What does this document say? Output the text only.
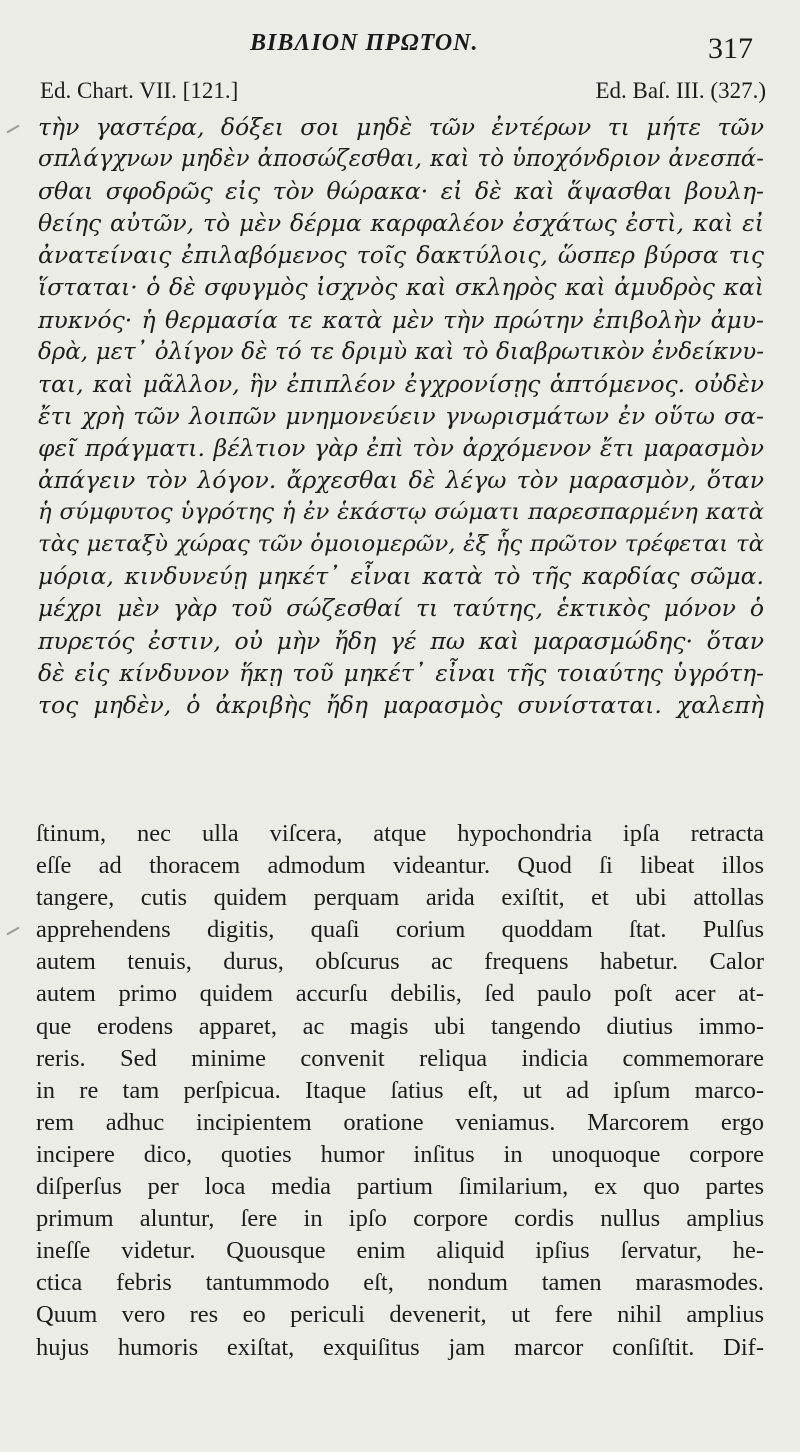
ΒΙΒΛΙΟΝ ΠΡΩΤΟΝ.	317
Ed. Chart. VII. [121.]	Ed. Baſ. III. (327.)
τὴν γαστέρα, δόξει σοι μηδὲ τῶν ἐντέρων τι μήτε τῶν
σπλάγχνων μηδὲν ἀποσώζεσθαι, καὶ τὸ ὑποχόνδριον ἀνεσπά-
σθαι σφοδρῶς εἰς τὸν θώρακα· εἰ δὲ καὶ ἅψασθαι βουλη-
θείης αὐτῶν, τὸ μὲν δέρμα καρφαλέον ἐσχάτως ἐστὶ, καὶ εἰ
ἀνατείναις ἐπιλαβόμενος τοῖς δακτύλοις, ὥσπερ βύρσα τις
ἵσταται· ὁ δὲ σφυγμὸς ἰσχνὸς καὶ σκληρὸς καὶ ἀμυδρὸς καὶ
πυκνός· ἡ θερμασία τε κατὰ μὲν τὴν πρώτην ἐπιβολὴν ἀμυ-
δρὰ, μετ᾽ ὀλίγον δὲ τό τε δριμὺ καὶ τὸ διαβρωτικὸν ἐνδείκνυ-
ται, καὶ μᾶλλον, ἣν ἐπιπλέον ἐγχρονίσῃς ἁπτόμενος. οὐδὲν
ἔτι χρὴ τῶν λοιπῶν μνημονεύειν γνωρισμάτων ἐν οὕτω σα-
φεῖ πράγματι. βέλτιον γὰρ ἐπὶ τὸν ἀρχόμενον ἔτι μαρασμὸν
ἀπάγειν τὸν λόγον. ἄρχεσθαι δὲ λέγω τὸν μαρασμὸν, ὅταν
ἡ σύμφυτος ὑγρότης ἡ ἐν ἑκάστῳ σώματι παρεσπαρμένη κατὰ
τὰς μεταξὺ χώρας τῶν ὁμοιομερῶν, ἐξ ἧς πρῶτον τρέφεται τὰ
μόρια, κινδυνεύῃ μηκέτ᾽ εἶναι κατὰ τὸ τῆς καρδίας σῶμα.
μέχρι μὲν γὰρ τοῦ σώζεσθαί τι ταύτης, ἑκτικὸς μόνον ὁ
πυρετός ἐστιν, οὐ μὴν ἤδη γέ πω καὶ μαρασμώδης· ὅταν
δὲ εἰς κίνδυνον ἥκῃ τοῦ μηκέτ᾽ εἶναι τῆς τοιαύτης ὑγρότη-
τος μηδὲν, ὁ ἀκριβὴς ἤδη μαρασμὸς συνίσταται. χαλεπὴ
ſtinum, nec ulla viſcera, atque hypochondria ipſa retracta
eſſe ad thoracem admodum videantur. Quod ſi libeat illos
tangere, cutis quidem perquam arida exiſtit, et ubi attollas
apprehendens digitis, quaſi corium quoddam ſtat. Pulſus
autem tenuis, durus, obſcurus ac frequens habetur. Calor
autem primo quidem accurſu debilis, ſed paulo poſt acer at-
que erodens apparet, ac magis ubi tangendo diutius immo-
reris. Sed minime convenit reliqua indicia commemorare
in re tam perſpicua. Itaque ſatius eſt, ut ad ipſum marco-
rem adhuc incipientem oratione veniamus. Marcorem ergo
incipere dico, quoties humor inſitus in unoquoque corpore
diſperſus per loca media partium ſimilarium, ex quo partes
primum aluntur, ſere in ipſo corpore cordis nullus amplius
ineſſe videtur. Quousque enim aliquid ipſius ſervatur, he-
ctica febris tantummodo eſt, nondum tamen marasmodes.
Quum vero res eo periculi devenerit, ut fere nihil amplius
hujus humoris exiſtat, exquiſitus jam marcor conſiſtit. Dif-
